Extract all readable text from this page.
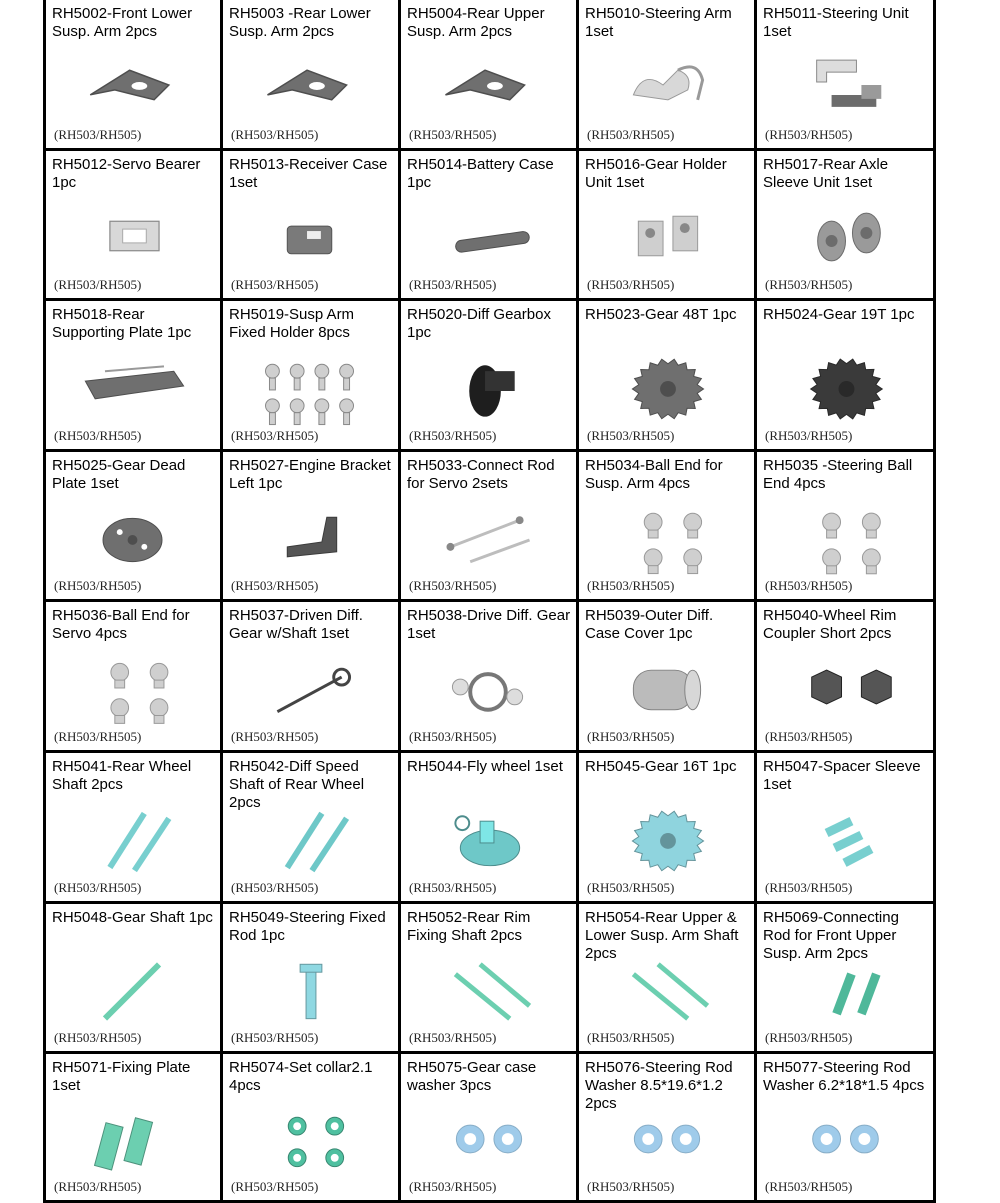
RH5002-Front Lower Susp. Arm 2pcs
(RH503/RH505)
RH5003 -Rear Lower Susp. Arm 2pcs
(RH503/RH505)
RH5004-Rear Upper Susp. Arm 2pcs
(RH503/RH505)
RH5010-Steering Arm 1set
(RH503/RH505)
RH5011-Steering Unit 1set
(RH503/RH505)
RH5012-Servo Bearer 1pc
(RH503/RH505)
RH5013-Receiver Case 1set
(RH503/RH505)
RH5014-Battery Case 1pc
(RH503/RH505)
RH5016-Gear Holder Unit 1set
(RH503/RH505)
RH5017-Rear Axle Sleeve Unit 1set
(RH503/RH505)
RH5018-Rear Supporting Plate 1pc
(RH503/RH505)
RH5019-Susp Arm Fixed Holder 8pcs
(RH503/RH505)
RH5020-Diff Gearbox 1pc
(RH503/RH505)
RH5023-Gear 48T 1pc
(RH503/RH505)
RH5024-Gear 19T 1pc
(RH503/RH505)
RH5025-Gear Dead Plate 1set
(RH503/RH505)
RH5027-Engine Bracket Left 1pc
(RH503/RH505)
RH5033-Connect Rod for Servo 2sets
(RH503/RH505)
RH5034-Ball End for Susp. Arm 4pcs
(RH503/RH505)
RH5035 -Steering Ball End 4pcs
(RH503/RH505)
RH5036-Ball End for Servo 4pcs
(RH503/RH505)
RH5037-Driven Diff. Gear w/Shaft 1set
(RH503/RH505)
RH5038-Drive Diff. Gear 1set
(RH503/RH505)
RH5039-Outer Diff. Case Cover 1pc
(RH503/RH505)
RH5040-Wheel Rim Coupler Short 2pcs
(RH503/RH505)
RH5041-Rear Wheel Shaft 2pcs
(RH503/RH505)
RH5042-Diff Speed Shaft of Rear Wheel 2pcs
(RH503/RH505)
RH5044-Fly wheel 1set
(RH503/RH505)
RH5045-Gear 16T 1pc
(RH503/RH505)
RH5047-Spacer Sleeve 1set
(RH503/RH505)
RH5048-Gear Shaft 1pc
(RH503/RH505)
RH5049-Steering Fixed Rod 1pc
(RH503/RH505)
RH5052-Rear Rim Fixing Shaft 2pcs
(RH503/RH505)
RH5054-Rear Upper & Lower Susp. Arm Shaft 2pcs
(RH503/RH505)
RH5069-Connecting Rod for Front Upper Susp. Arm 2pcs
(RH503/RH505)
RH5071-Fixing Plate 1set
(RH503/RH505)
RH5074-Set collar2.1 4pcs
(RH503/RH505)
RH5075-Gear case washer 3pcs
(RH503/RH505)
RH5076-Steering Rod Washer 8.5*19.6*1.2 2pcs
(RH503/RH505)
RH5077-Steering Rod Washer 6.2*18*1.5 4pcs
(RH503/RH505)
